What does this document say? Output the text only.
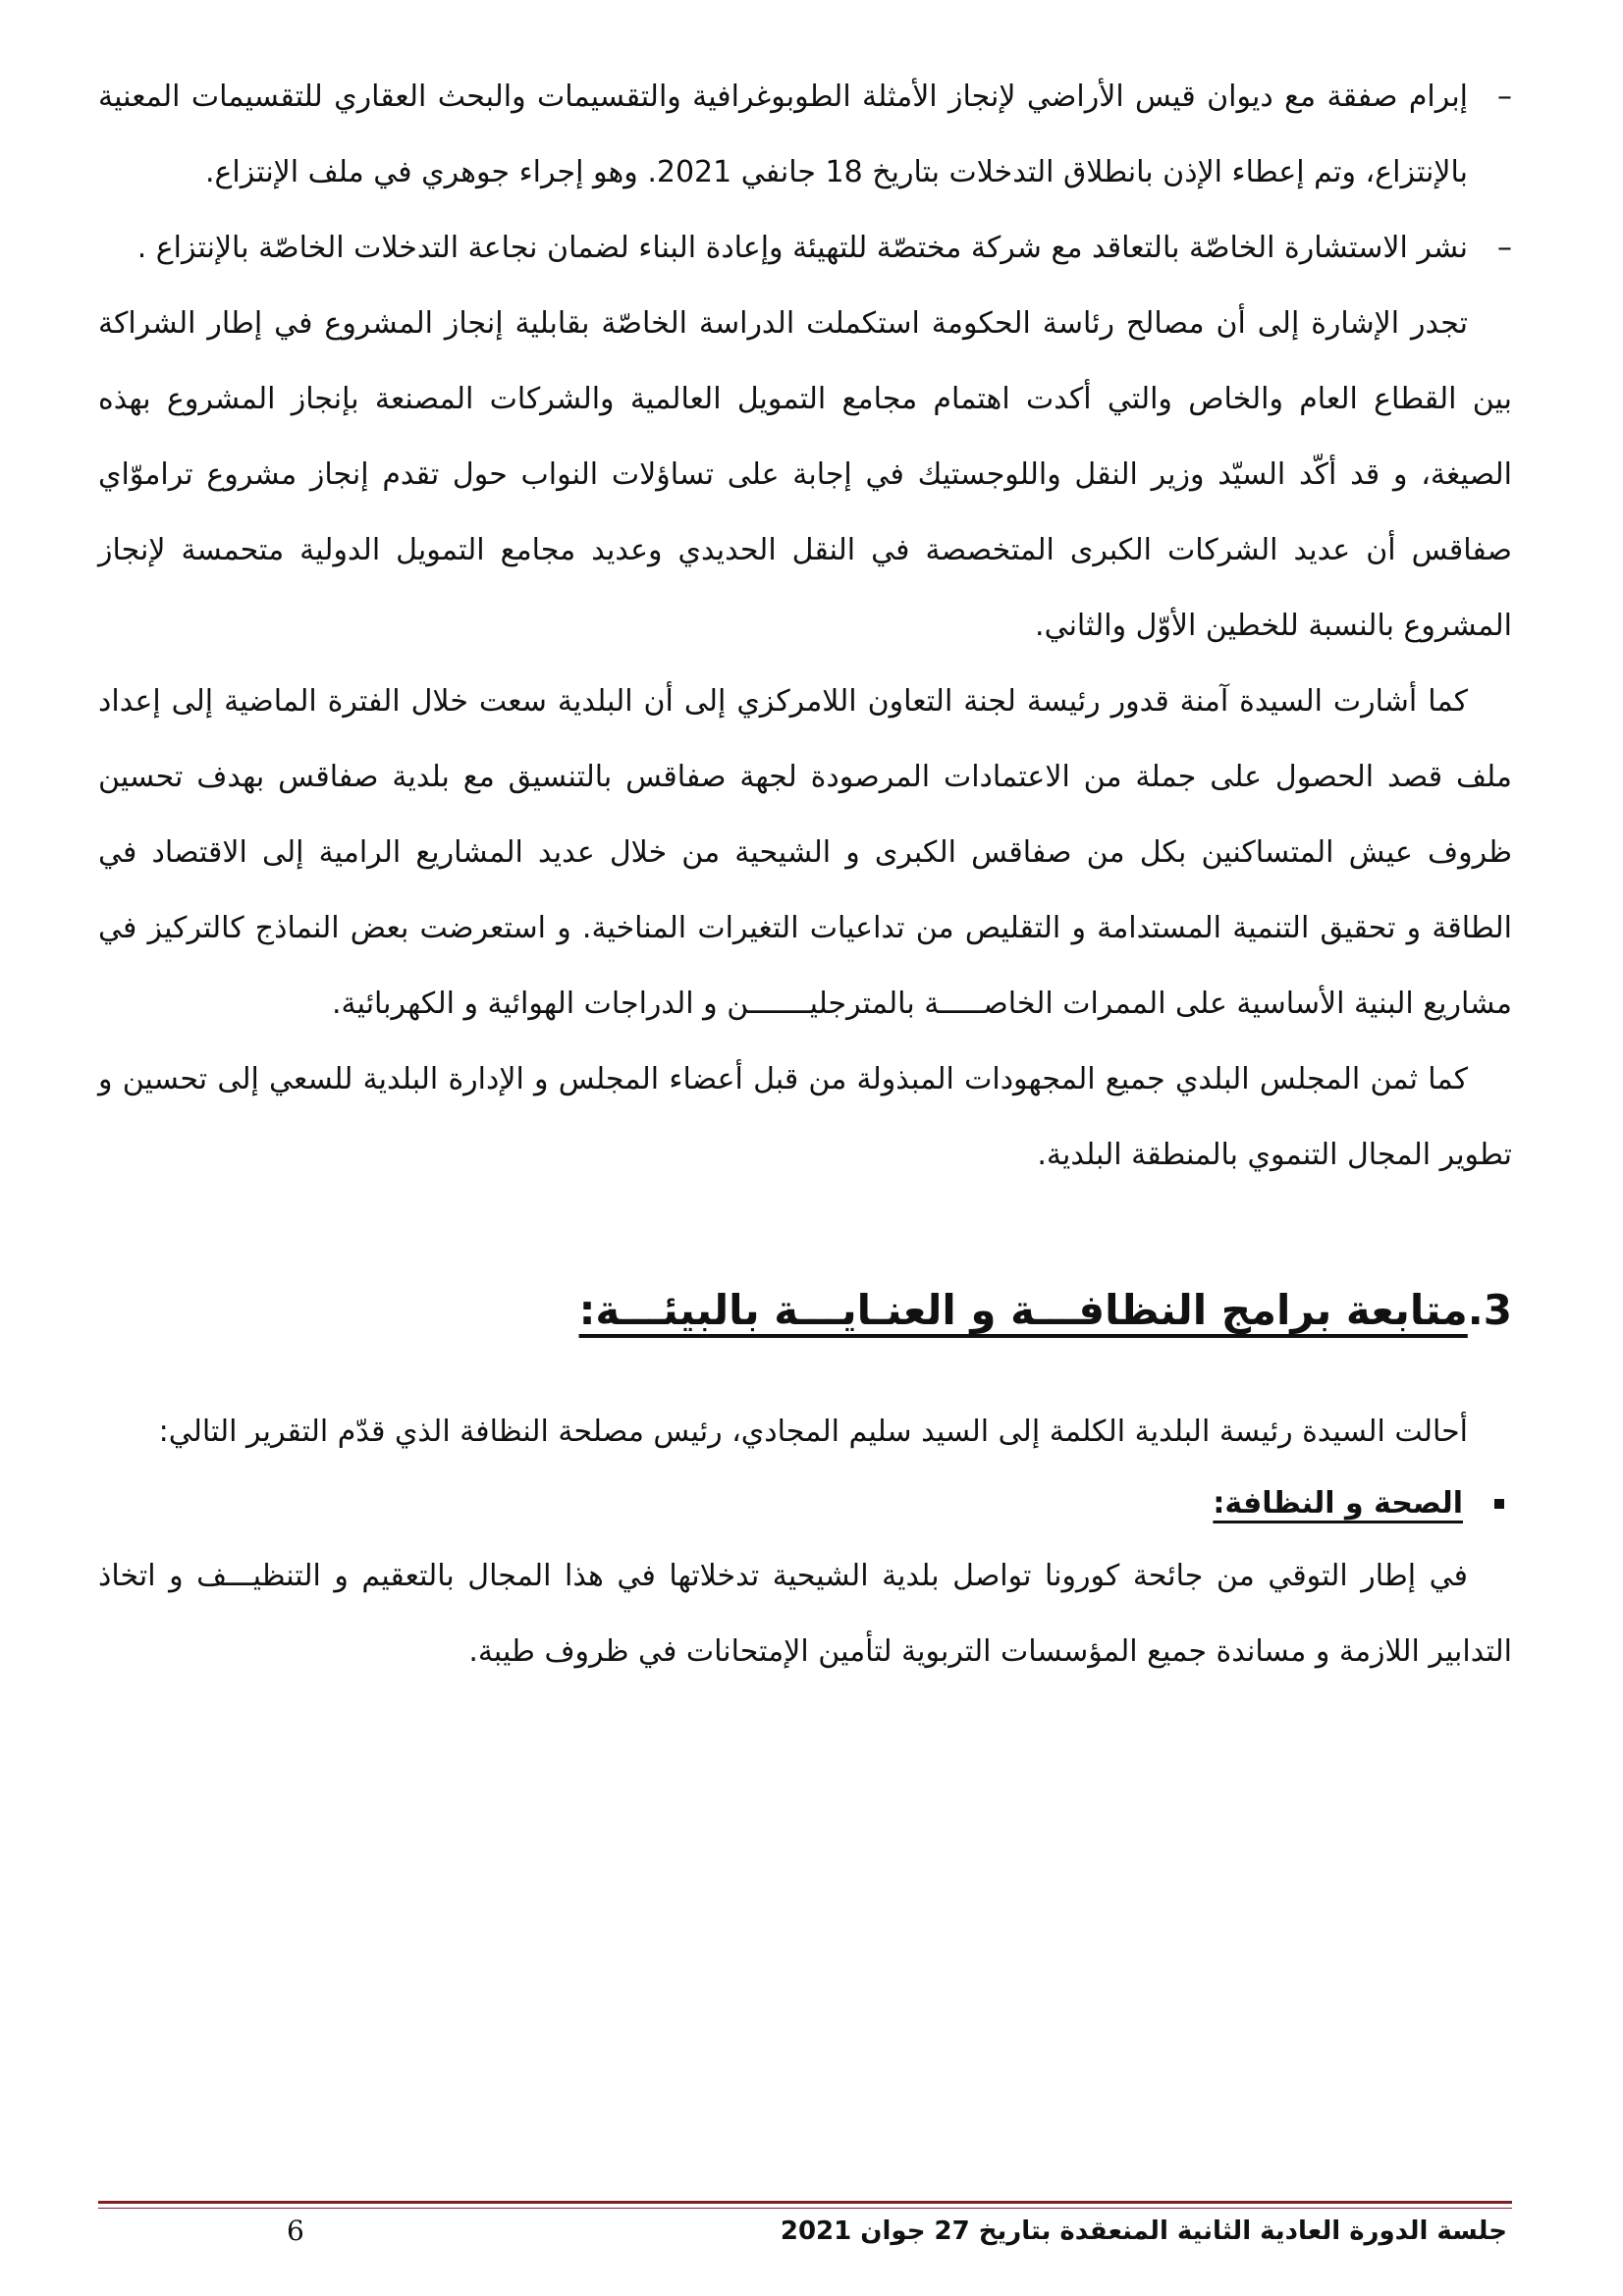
–
إبرام صفقة مع ديوان قيس الأراضي لإنجاز الأمثلة الطوبوغرافية والتقسيمات والبحث العقاري للتقسيمات المعنية بالإنتزاع، وتم إعطاء الإذن بانطلاق التدخلات بتاريخ 18 جانفي 2021. وهو إجراء جوهري في ملف الإنتزاع.

–
نشر الاستشارة الخاصّة بالتعاقد مع شركة مختصّة للتهيئة وإعادة البناء لضمان نجاعة التدخلات الخاصّة بالإنتزاع .

تجدر الإشارة إلى أن مصالح رئاسة الحكومة استكملت الدراسة الخاصّة بقابلية إنجاز المشروع في إطار الشراكة بين القطاع العام والخاص والتي أكدت اهتمام مجامع التمويل العالمية والشركات المصنعة بإنجاز المشروع بهذه الصيغة، و قد أكّد السيّد وزير النقل واللوجستيك في إجابة على تساؤلات النواب حول تقدم إنجاز مشروع تراموّاي صفاقس أن عديد الشركات الكبرى المتخصصة في النقل الحديدي وعديد مجامع التمويل الدولية متحمسة لإنجاز المشروع بالنسبة للخطين الأوّل والثاني.

كما أشارت السيدة آمنة قدور رئيسة لجنة التعاون اللامركزي إلى أن البلدية سعت خلال الفترة الماضية إلى إعداد ملف قصد الحصول على جملة من الاعتمادات المرصودة لجهة صفاقس بالتنسيق مع بلدية صفاقس بهدف تحسين ظروف عيش المتساكنين بكل من صفاقس الكبرى و الشيحية من خلال عديد المشاريع الرامية إلى الاقتصاد في الطاقة و تحقيق التنمية المستدامة و التقليص من تداعيات التغيرات المناخية. و استعرضت بعض النماذج كالتركيز في مشاريع البنية الأساسية على الممرات الخاصـــــة بالمترجليـــــــن و الدراجات الهوائية و الكهربائية.

كما ثمن المجلس البلدي جميع المجهودات المبذولة من قبل أعضاء المجلس و الإدارة البلدية للسعي إلى تحسين و تطوير المجال التنموي بالمنطقة البلدية.

3.متابعة برامج النظافـــة و العنـايـــة بالبيئـــة:

أحالت السيدة رئيسة البلدية الكلمة إلى السيد سليم المجادي، رئيس مصلحة النظافة الذي قدّم التقرير التالي:

الصحة و النظافة:

في إطار التوقي من جائحة كورونا تواصل بلدية الشيحية تدخلاتها في هذا المجال بالتعقيم و التنظيـــف و اتخاذ التدابير اللازمة و مساندة جميع المؤسسات التربوية لتأمين الإمتحانات في ظروف طيبة.

جلسة الدورة العادية الثانية المنعقدة بتاريخ 27 جوان 2021
6
